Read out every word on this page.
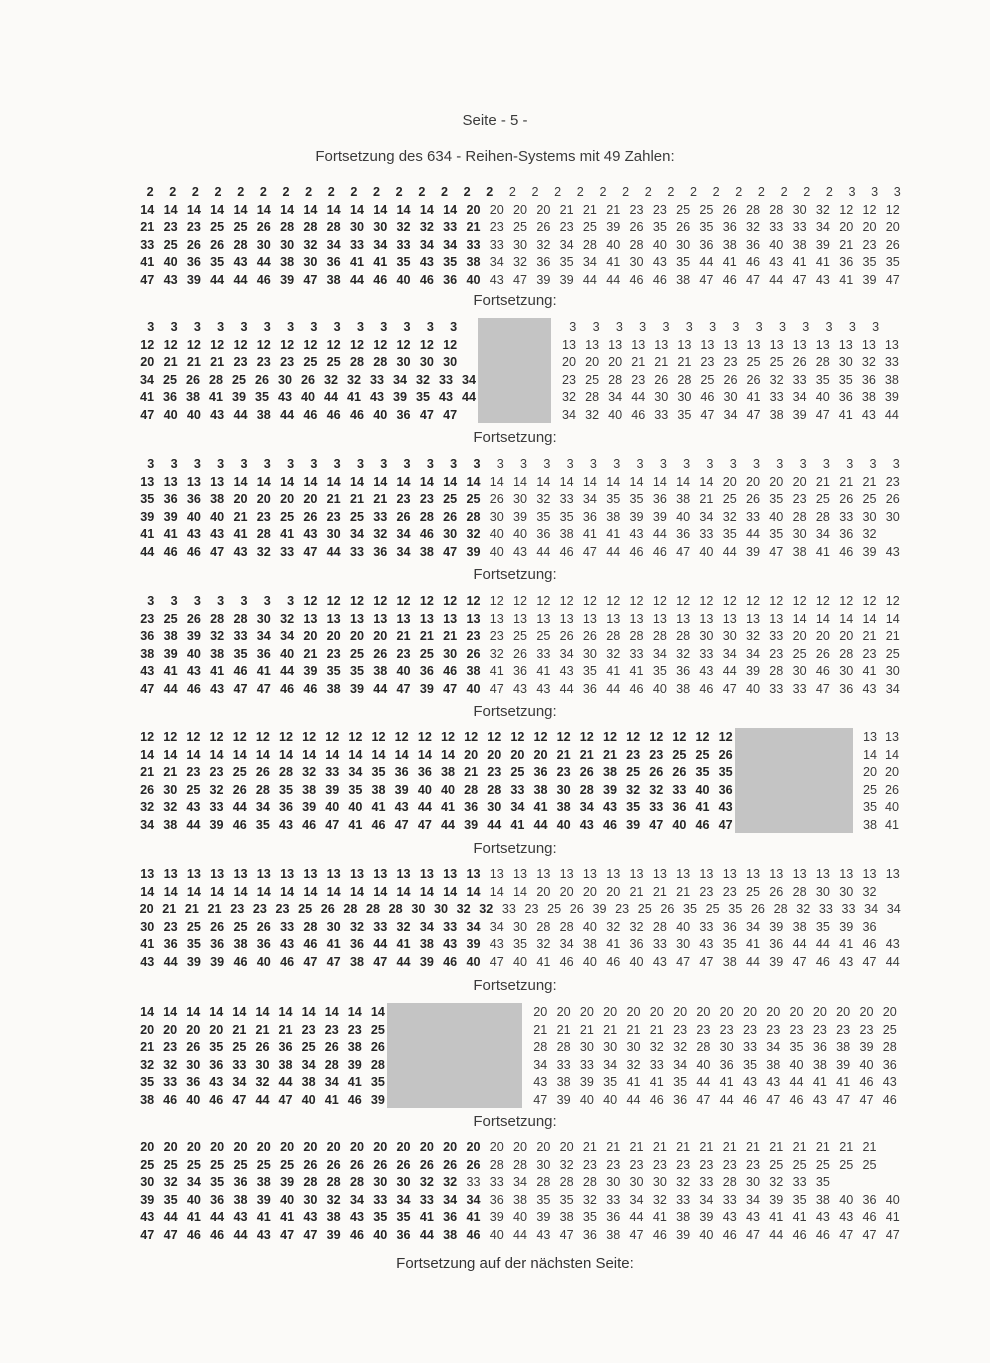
Seite - 5 -
Fortsetzung des 634 - Reihen-Systems mit 49 Zahlen:
2 2 2 2 2 2 2 2 2 2 2 2 2 2 2 2 2 2 2 2 2 2 2 2 2 2 2 2 2 2 2 3 3 3
14 14 14 14 14 14 14 14 14 14 14 14 14 14 20 20 20 20 21 21 21 23 23 25 25 26 28 28 30 32 12 12 12
21 23 23 25 25 26 28 28 28 30 30 32 32 33 21 23 25 26 23 25 39 26 35 26 35 36 32 33 33 34 20 20 20
33 25 26 26 28 30 30 32 34 33 34 33 34 34 33 33 30 32 34 28 40 28 40 30 36 38 36 40 38 39 21 23 26
41 40 36 35 43 44 38 30 36 41 41 35 43 35 38 34 32 36 35 34 41 30 43 35 44 41 46 43 41 41 36 35 35
47 43 39 44 44 46 39 47 38 44 46 40 46 36 40 43 47 39 39 44 44 46 46 38 47 46 47 44 47 43 41 39 47
3 3 3 3 3 3 3 3 3 3 3 3 3 3
12 12 12 12 12 12 12 12 12 12 12 12 12 12
20 21 21 21 23 23 23 25 25 28 28 30 30 30
34 25 26 28 25 26 30 26 32 32 33 34 32 33 34
41 36 38 41 39 35 43 40 44 41 43 39 35 43 44
47 40 40 43 44 38 44 46 46 46 40 36 47 47
3 3 3 3 3 3 3 3 3 3 3 3 3 3
13 13 13 13 13 13 13 13 13 13 13 13 13 13 13
20 20 20 21 21 21 23 23 25 25 26 28 30 32 33
23 25 28 23 26 28 25 26 26 32 33 35 35 36 38
32 28 34 44 30 30 46 30 41 33 34 40 36 38 39
34 32 40 46 33 35 47 34 47 38 39 47 41 43 44
3 3 3 3 3 3 3 3 3 3 3 3 3 3 3 3 3 3 3 3 3 3 3 3 3 3 3 3 3 3 3 3 3
13 13 13 13 14 14 14 14 14 14 14 14 14 14 14 14 14 14 14 14 14 14 14 14 14 20 20 20 20 21 21 21 23
35 36 36 38 20 20 20 20 21 21 21 23 23 25 25 26 30 32 33 34 35 35 36 38 21 25 26 35 23 25 26 25 26
39 39 40 40 21 23 25 26 23 25 33 26 28 26 28 30 39 35 35 36 38 39 39 40 34 32 33 40 28 28 33 30 30
41 41 43 43 41 28 41 43 30 34 32 34 46 30 32 40 40 36 38 41 41 43 44 36 33 35 44 35 30 34 36 32
44 46 46 47 43 32 33 47 44 33 36 34 38 47 39 40 43 44 46 47 44 46 46 47 40 44 39 47 38 41 46 39 43
3 3 3 3 3 3 3 12 12 12 12 12 12 12 12 12 12 12 12 12 12 12 12 12 12 12 12 12 12 12 12 12 12
23 25 26 28 28 30 32 13 13 13 13 13 13 13 13 13 13 13 13 13 13 13 13 13 13 13 13 13 14 14 14 14 14
36 38 39 32 33 34 34 20 20 20 20 21 21 21 23 23 25 25 26 26 28 28 28 28 30 30 32 33 20 20 20 21 21
38 39 40 38 35 36 40 21 23 25 26 23 25 30 26 32 26 33 34 30 32 33 34 32 33 34 34 23 25 26 28 23 25
43 41 43 41 46 41 44 39 35 35 38 40 36 46 38 41 36 41 43 35 41 41 35 36 43 44 39 28 30 46 30 41 30
47 44 46 43 47 47 46 46 38 39 44 47 39 47 40 47 43 43 44 36 44 46 40 38 46 47 40 33 33 47 36 43 34
12 12 12 12 12 12 12 12 12 12 12 12 12 12 12 12 12 12 12 12 12 12 12 12 12 12
14 14 14 14 14 14 14 14 14 14 14 14 14 14 20 20 20 20 21 21 21 23 23 25 25 26
21 21 23 23 25 26 28 32 33 34 35 36 36 38 21 23 25 36 23 26 38 25 26 26 35 35
26 30 25 32 26 28 35 38 39 35 38 39 40 40 28 28 33 38 30 28 39 32 32 33 40 36
32 32 43 33 44 34 36 39 40 40 41 43 44 41 36 30 34 41 38 34 43 35 33 36 41 43
34 38 44 39 46 35 43 46 47 41 46 47 47 44 39 44 41 44 40 43 46 39 47 40 46 47
13 13
14 14
20 20
25 26
35 40
38 41
13 13 13 13 13 13 13 13 13 13 13 13 13 13 13 13 13 13 13 13 13 13 13 13 13 13 13 13 13 13 13 13 13
14 14 14 14 14 14 14 14 14 14 14 14 14 14 14 14 14 20 20 20 20 21 21 21 23 23 25 26 28 30 30 32
20 21 21 21 23 23 23 25 26 28 28 28 30 30 32 32 33 23 25 26 39 23 25 26 35 25 35 26 28 32 33 33 34 34
30 23 25 26 25 26 33 28 30 32 33 32 34 33 34 34 30 28 28 40 32 32 28 40 33 36 34 39 38 35 39 36
41 36 35 36 38 36 43 46 41 36 44 41 38 43 39 43 35 32 34 38 41 36 33 30 43 35 41 36 44 44 41 46 43
43 44 39 39 46 40 46 47 47 38 47 44 39 46 40 47 40 41 46 40 46 40 43 47 47 38 44 39 47 46 43 47 44
14 14 14 14 14 14 14 14 14 14 14
20 20 20 20 21 21 21 23 23 23 25
21 23 26 35 25 26 36 25 26 38 26
32 32 30 36 33 30 38 34 28 39 28
35 33 36 43 34 32 44 38 34 41 35
38 46 40 46 47 44 47 40 41 46 39
20 20 20 20 20 20 20 20 20 20 20 20 20 20 20 20
21 21 21 21 21 21 23 23 23 23 23 23 23 23 23 25
28 28 30 30 30 32 32 28 30 33 34 35 36 38 39 28
34 33 33 34 32 33 34 40 36 35 38 40 38 39 40 36
43 38 39 35 41 41 35 44 41 43 43 44 41 41 46 43
47 39 40 40 44 46 36 47 44 46 47 46 43 47 47 46
20 20 20 20 20 20 20 20 20 20 20 20 20 20 20 20 20 20 20 21 21 21 21 21 21 21 21 21 21 21 21 21
25 25 25 25 25 25 25 26 26 26 26 26 26 26 26 28 28 30 32 23 23 23 23 23 23 23 23 25 25 25 25 25
30 32 34 35 36 38 39 28 28 28 30 30 32 32 33 33 34 28 28 28 30 30 30 32 33 28 30 32 33 35
39 35 40 36 38 39 40 30 32 34 33 34 33 34 34 36 38 35 35 32 33 34 32 33 34 33 34 39 35 38 40 36 40
43 44 41 44 43 41 41 43 38 43 35 35 41 36 41 39 40 39 38 35 36 44 41 38 39 43 43 41 41 43 43 46 41
47 47 46 46 44 43 47 47 39 46 40 36 44 38 46 40 44 43 47 36 38 47 46 39 40 46 47 44 46 46 47 47 47
Fortsetzung:
Fortsetzung:
Fortsetzung:
Fortsetzung:
Fortsetzung:
Fortsetzung:
Fortsetzung:
Fortsetzung auf der nächsten Seite:
